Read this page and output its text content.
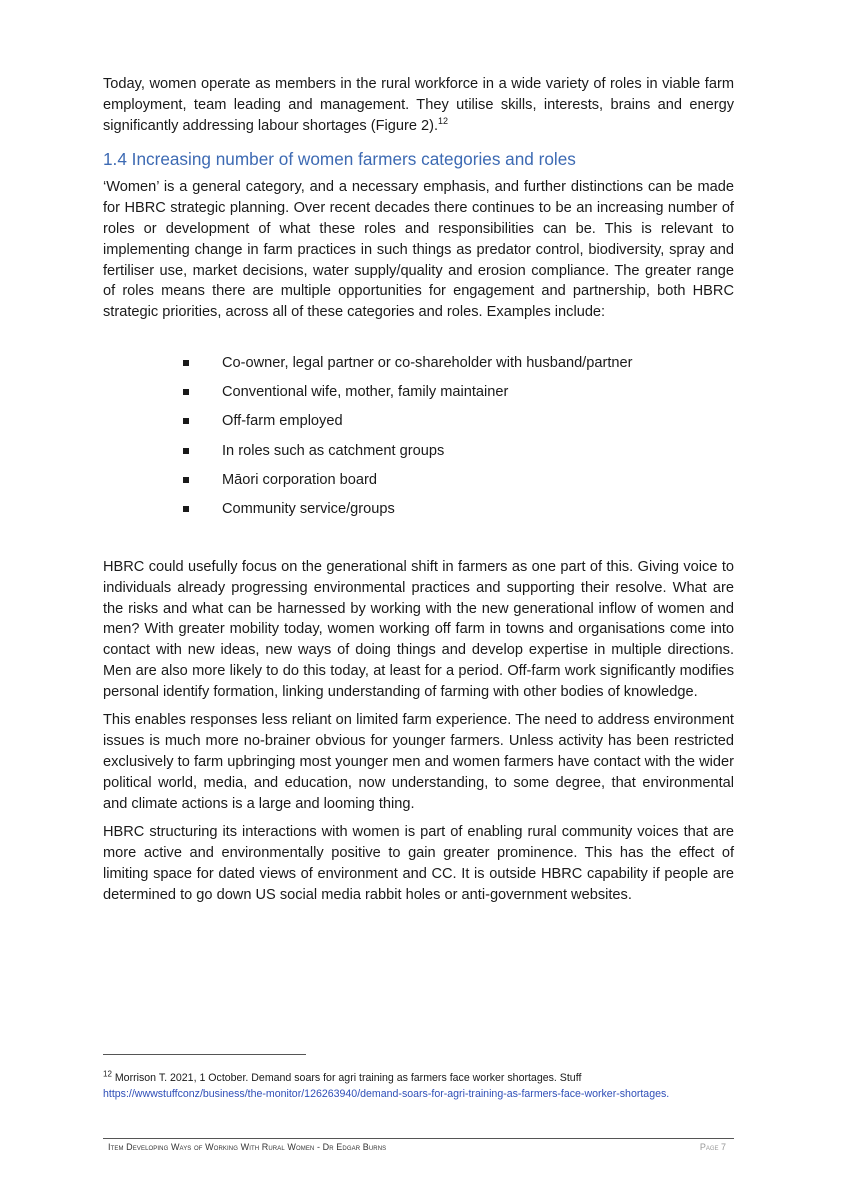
Today, women operate as members in the rural workforce in a wide variety of roles in viable farm employment, team leading and management. They utilise skills, interests, brains and energy significantly addressing labour shortages (Figure 2).$^{12}$

1.4 Increasing number of women farmers categories and roles

‘Women’ is a general category, and a necessary emphasis, and further distinctions can be made for HBRC strategic planning. Over recent decades there continues to be an increasing number of roles or development of what these roles and responsibilities can be. This is relevant to implementing change in farm practices in such things as predator control, biodiversity, spray and fertiliser use, market decisions, water supply/quality and erosion compliance. The greater range of roles means there are multiple opportunities for engagement and partnership, both HBRC strategic priorities, across all of these categories and roles. Examples include:

Co-owner, legal partner or co-shareholder with husband/partner
Conventional wife, mother, family maintainer
Off-farm employed
In roles such as catchment groups
Māori corporation board
Community service/groups

HBRC could usefully focus on the generational shift in farmers as one part of this. Giving voice to individuals already progressing environmental practices and supporting their resolve. What are the risks and what can be harnessed by working with the new generational inflow of women and men? With greater mobility today, women working off farm in towns and organisations come into contact with new ideas, new ways of doing things and develop expertise in multiple directions. Men are also more likely to do this today, at least for a period. Off-farm work significantly modifies personal identify formation, linking understanding of farming with other bodies of knowledge.

This enables responses less reliant on limited farm experience. The need to address environment issues is much more no-brainer obvious for younger farmers. Unless activity has been restricted exclusively to farm upbringing most younger men and women farmers have contact with the wider political world, media, and education, now understanding, to some degree, that environmental and climate actions is a large and looming thing.

HBRC structuring its interactions with women is part of enabling rural community voices that are more active and environmentally positive to gain greater prominence. This has the effect of limiting space for dated views of environment and CC. It is outside HBRC capability if people are determined to go down US social media rabbit holes or anti-government websites.

$^{12}$ Morrison T. 2021, 1 October. Demand soars for agri training as farmers face worker shortages. Stuff
https://wwwstuffconz/business/the-monitor/126263940/demand-soars-for-agri-training-as-farmers-face-worker-shortages.
Item Developing Ways of Working With Rural Women - Dr Edgar Burns	Page 7
